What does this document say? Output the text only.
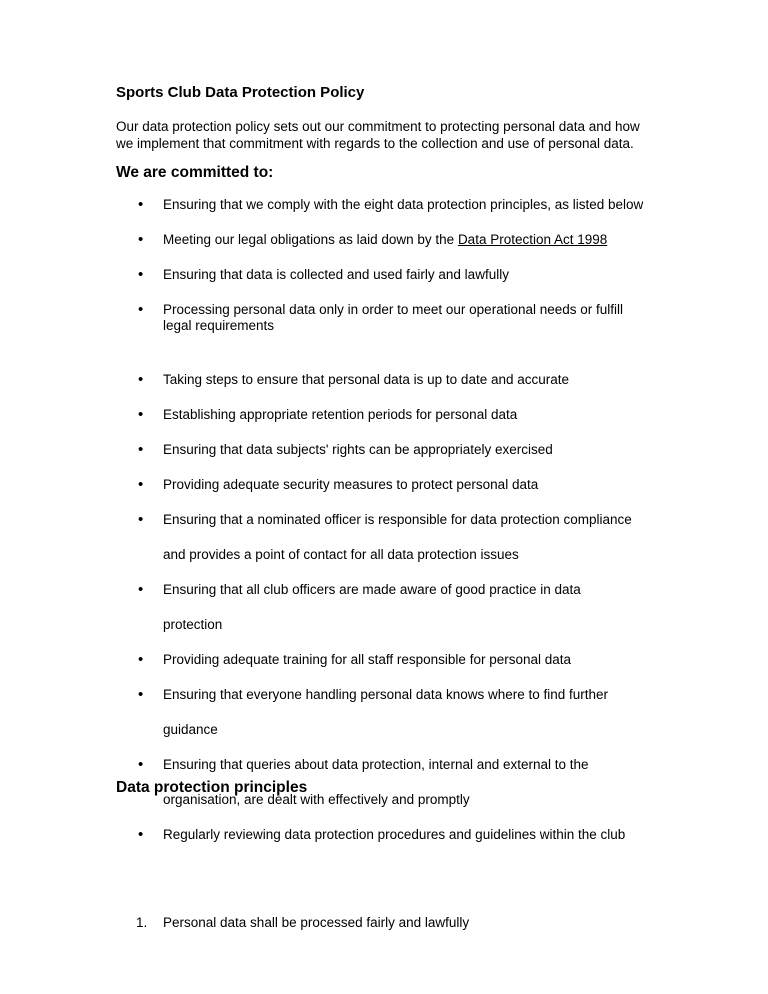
Sports Club Data Protection Policy
Our data protection policy sets out our commitment to protecting personal data and how
we implement that commitment with regards to the collection and use of personal data.
We are committed to:
• Ensuring that we comply with the eight data protection principles, as listed below
• Meeting our legal obligations as laid down by the Data Protection Act 1998
• Ensuring that data is collected and used fairly and lawfully
• Processing personal data only in order to meet our operational needs or fulfill
legal requirements
• Taking steps to ensure that personal data is up to date and accurate
• Establishing appropriate retention periods for personal data
• Ensuring that data subjects' rights can be appropriately exercised
• Providing adequate security measures to protect personal data
• Ensuring that a nominated officer is responsible for data protection compliance
and provides a point of contact for all data protection issues
• Ensuring that all club officers are made aware of good practice in data
protection
• Providing adequate training for all staff responsible for personal data
• Ensuring that everyone handling personal data knows where to find further
guidance
• Ensuring that queries about data protection, internal and external to the
organisation, are dealt with effectively and promptly
• Regularly reviewing data protection procedures and guidelines within the club
Data protection principles
1. Personal data shall be processed fairly and lawfully
